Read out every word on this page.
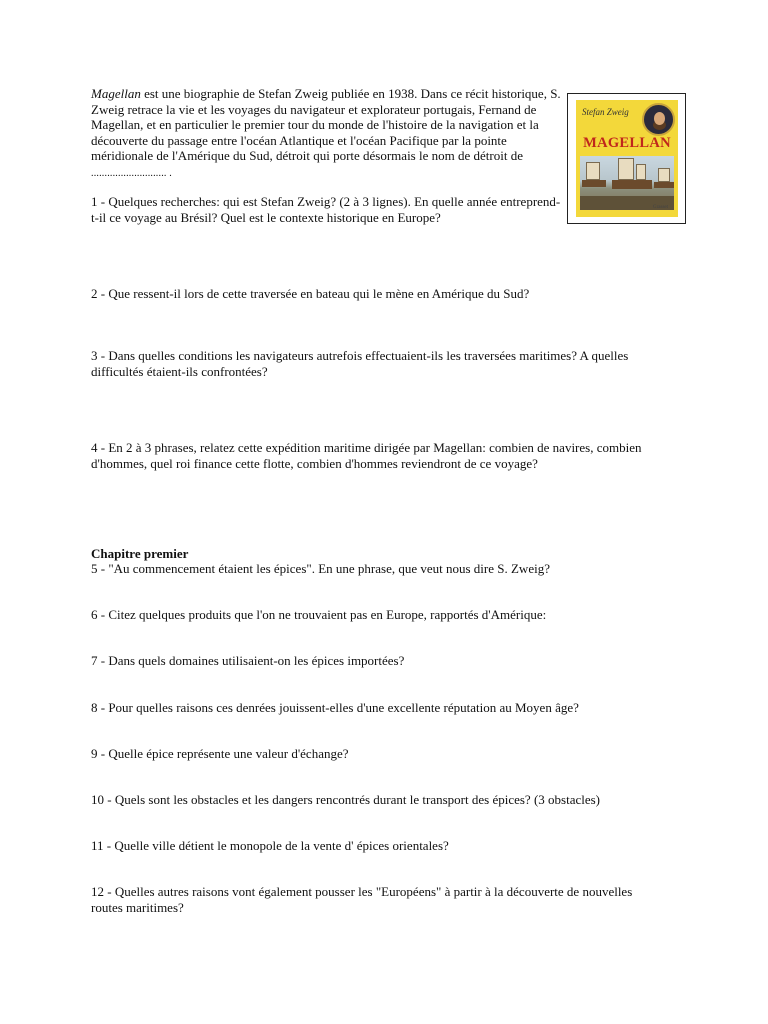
Magellan est une biographie de Stefan Zweig publiée en 1938. Dans ce récit historique, S. Zweig retrace la vie et les voyages du navigateur et explorateur portugais, Fernand de Magellan, et en particulier le premier tour du monde de l'histoire de la navigation et la découverte du passage entre l'océan Atlantique et l'océan Pacifique par la pointe méridionale de l'Amérique du Sud, détroit qui porte désormais le nom de détroit de ............................ .

Stefan Zweig
MAGELLAN
Grasset

1 - Quelques recherches: qui est Stefan Zweig? (2 à 3 lignes). En quelle année entreprend-t-il ce voyage au Brésil? Quel est le contexte historique en Europe?

2 - Que ressent-il lors de cette traversée en bateau qui le mène en Amérique du Sud?

3 - Dans quelles conditions les navigateurs autrefois effectuaient-ils les traversées maritimes? A quelles difficultés étaient-ils confrontées?

4 - En 2 à 3 phrases, relatez cette expédition maritime dirigée par Magellan: combien de navires, combien d'hommes, quel roi finance cette flotte, combien d'hommes reviendront de ce voyage?

Chapitre premier

5 - "Au commencement étaient les épices". En une phrase, que veut nous dire S. Zweig?

6 - Citez quelques produits que l'on ne trouvaient pas en Europe, rapportés d'Amérique:

7 - Dans quels domaines utilisaient-on les épices importées?

8 - Pour quelles raisons ces denrées jouissent-elles d'une excellente réputation au Moyen âge?

9 - Quelle épice représente une valeur d'échange?

10 - Quels sont les obstacles et les dangers rencontrés durant le transport des épices? (3 obstacles)

11 - Quelle ville détient le monopole de la vente d' épices orientales?

12 - Quelles autres raisons vont également pousser les "Européens" à partir à la découverte de nouvelles routes maritimes?
